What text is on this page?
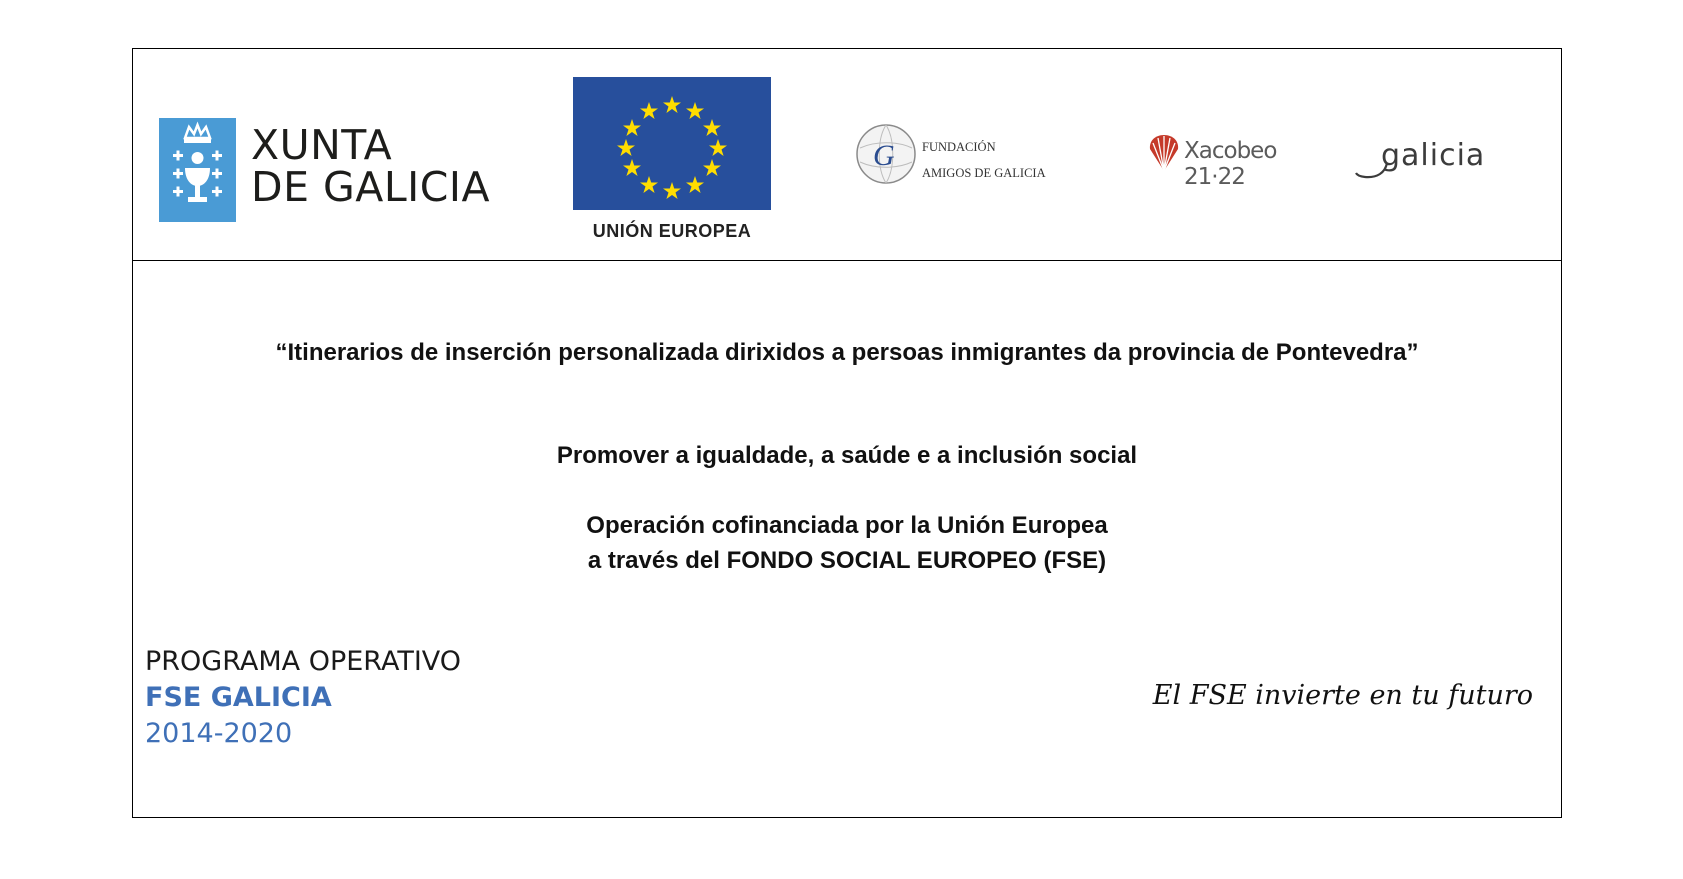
XUNTA
DE GALICIA
UNIÓN EUROPEA
G FUNDACIÓN
AMIGOS DE GALICIA
Xacobeo 21·22
galicia
“Itinerarios de inserción personalizada dirixidos a persoas inmigrantes da provincia de Pontevedra”
Promover a igualdade, a saúde e a inclusión social
Operación cofinanciada por la Unión Europea
a través del FONDO SOCIAL EUROPEO (FSE)
PROGRAMA OPERATIVO
FSE GALICIA
2014-2020
El FSE invierte en tu futuro
